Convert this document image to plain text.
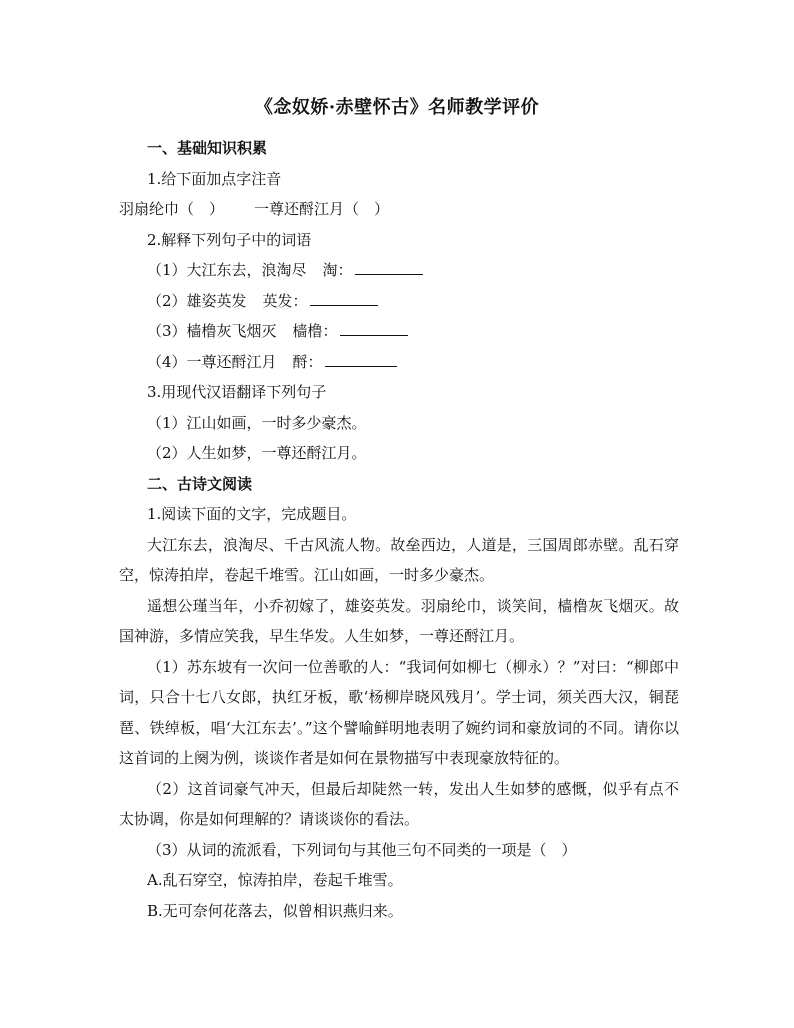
《念奴娇·赤壁怀古》名师教学评价

一、基础知识积累

1.给下面加点字注音

羽扇纶巾（　） 一尊还酹江月（　）

2.解释下列句子中的词语

（1）大江东去，浪淘尽 淘：

（2）雄姿英发 英发：

（3）樯橹灰飞烟灭 樯橹：

（4）一尊还酹江月 酹：

3.用现代汉语翻译下列句子

（1）江山如画，一时多少豪杰。

（2）人生如梦，一尊还酹江月。

二、古诗文阅读

1.阅读下面的文字，完成题目。

大江东去，浪淘尽、千古风流人物。故垒西边，人道是，三国周郎赤壁。乱石穿空，惊涛拍岸，卷起千堆雪。江山如画，一时多少豪杰。

遥想公瑾当年，小乔初嫁了，雄姿英发。羽扇纶巾，谈笑间，樯橹灰飞烟灭。故国神游，多情应笑我，早生华发。人生如梦，一尊还酹江月。

（1）苏东坡有一次问一位善歌的人：“我词何如柳七（柳永）？”对曰：“柳郎中词，只合十七八女郎，执红牙板，歌‘杨柳岸晓风残月’。学士词，须关西大汉，铜琵琶、铁绰板，唱‘大江东去’。”这个譬喻鲜明地表明了婉约词和豪放词的不同。请你以这首词的上阕为例，谈谈作者是如何在景物描写中表现豪放特征的。

（2）这首词豪气冲天，但最后却陡然一转，发出人生如梦的感慨，似乎有点不太协调，你是如何理解的？请谈谈你的看法。

（3）从词的流派看，下列词句与其他三句不同类的一项是（　）

A.乱石穿空，惊涛拍岸，卷起千堆雪。

B.无可奈何花落去，似曾相识燕归来。
